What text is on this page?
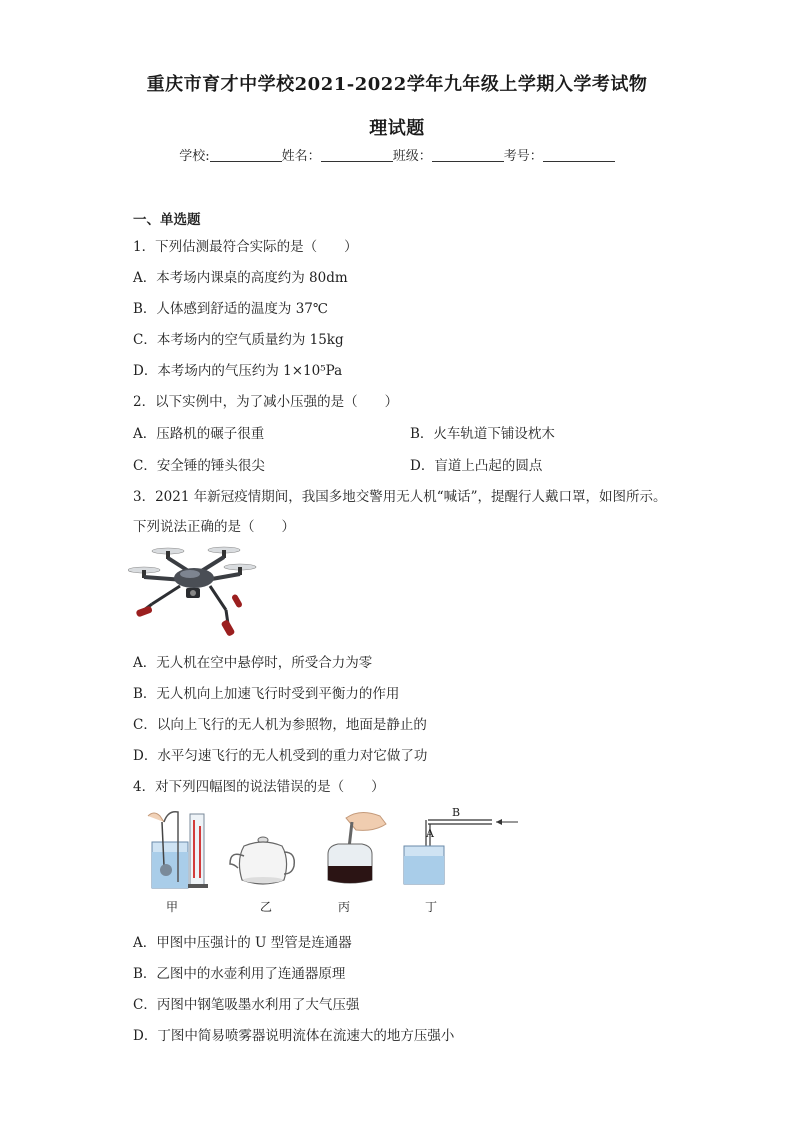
重庆市育才中学校2021-2022学年九年级上学期入学考试物
理试题
学校:	姓名：	班级：	考号：
一、单选题
1．下列估测最符合实际的是（　　）
A．本考场内课桌的高度约为 80dm
B．人体感到舒适的温度为 37℃
C．本考场内的空气质量约为 15kg
D．本考场内的气压约为 1×10⁵Pa
2．以下实例中，为了减小压强的是（　　）
A．压路机的碾子很重	B．火车轨道下铺设枕木
C．安全锤的锤头很尖	D．盲道上凸起的圆点
3．2021 年新冠疫情期间，我国多地交警用无人机“喊话”，提醒行人戴口罩，如图所示。
下列说法正确的是（　　）
A．无人机在空中悬停时，所受合力为零
B．无人机向上加速飞行时受到平衡力的作用
C．以向上飞行的无人机为参照物，地面是静止的
D．水平匀速飞行的无人机受到的重力对它做了功
4．对下列四幅图的说法错误的是（　　）
甲	乙	丙
A
B
丁
A．甲图中压强计的 U 型管是连通器
B．乙图中的水壶利用了连通器原理
C．丙图中钢笔吸墨水利用了大气压强
D．丁图中简易喷雾器说明流体在流速大的地方压强小
